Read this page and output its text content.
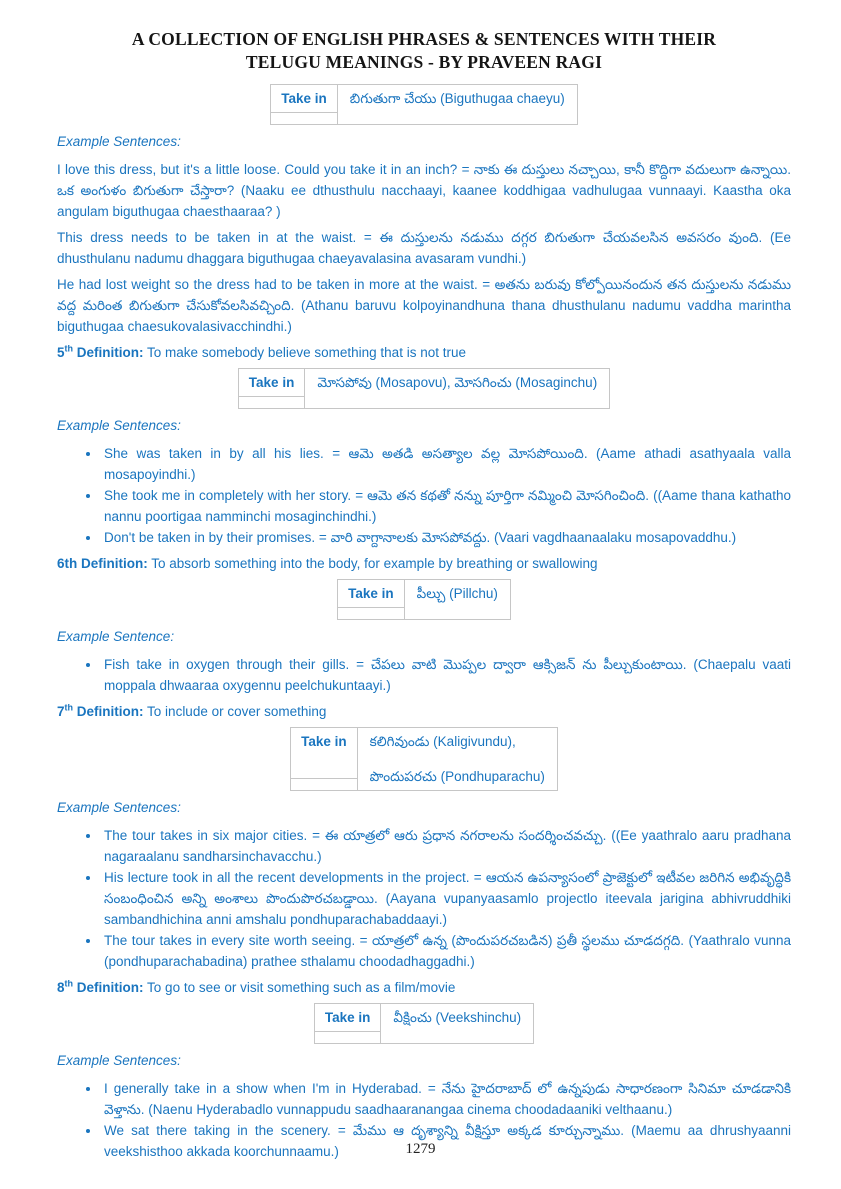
A COLLECTION OF ENGLISH PHRASES & SENTENCES WITH THEIR
TELUGU MEANINGS - BY PRAVEEN RAGI
Take in	బిగుతుగా చేయు (Biguthugaa chaeyu)

Example Sentences:

I love this dress, but it's a little loose. Could you take it in an inch? = నాకు ఈ దుస్తులు నచ్చాయి, కానీ కొద్దిగా వదులుగా ఉన్నాయి. ఒక అంగుళం బిగుతుగా చేస్తారా? (Naaku ee dthusthulu nacchaayi, kaanee koddhigaa vadhulugaa vunnaayi. Kaastha oka angulam biguthugaa chaesthaaraa? )

This dress needs to be taken in at the waist. = ఈ దుస్తులను నడుము దగ్గర బిగుతుగా చేయవలసిన అవసరం వుంది. (Ee dhusthulanu nadumu dhaggara biguthugaa chaeyavalasina avasaram vundhi.)

He had lost weight so the dress had to be taken in more at the waist. = అతను బరువు కోల్పోయినందున తన దుస్తులను నడుము వద్ద మరింత బిగుతుగా చేసుకోవలసివచ్చింది. (Athanu baruvu kolpoyinandhuna thana dhusthulanu nadumu vaddha marintha biguthugaa chaesukovalasivacchindhi.)

5th Definition: To make somebody believe something that is not true

Take in	మోసపోవు (Mosapovu), మోసగించు (Mosaginchu)

Example Sentences:

• She was taken in by all his lies. = ఆమె అతడి అసత్యాల వల్ల మోసపోయింది. (Aame athadi asathyaala valla mosapoyindhi.)
• She took me in completely with her story. = ఆమె తన కథతో నన్ను పూర్తిగా నమ్మించి మోసగించింది. ((Aame thana kathatho nannu poortigaa namminchi mosaginchindhi.)
• Don't be taken in by their promises. = వారి వాగ్దానాలకు మోసపోవద్దు. (Vaari vagdhaanaalaku mosapovaddhu.)

6th Definition: To absorb something into the body, for example by breathing or swallowing

Take in	పీల్చు (Pillchu)

Example Sentence:

• Fish take in oxygen through their gills. = చేపలు వాటి మొప్పల ద్వారా ఆక్సిజన్ ను పీల్చుకుంటాయి. (Chaepalu vaati moppala dhwaaraa oxygennu peelchukuntaayi.)

7th Definition: To include or cover something

Take in	కలిగివుండు (Kaligivundu),
పొందుపరచు (Pondhuparachu)

Example Sentences:

• The tour takes in six major cities. = ఈ యాత్రలో ఆరు ప్రధాన నగరాలను సందర్శించవచ్చు. ((Ee yaathralo aaru pradhana nagaraalanu sandharsinchavacchu.)
• His lecture took in all the recent developments in the project. = ఆయన ఉపన్యాసంలో ప్రాజెక్టులో ఇటీవల జరిగిన అభివృద్ధికి సంబంధించిన అన్ని అంశాలు పొందుపొరచబడ్డాయి. (Aayana vupanyaasamlo projectlo iteevala jarigina abhivruddhiki sambandhichina anni amshalu pondhuparachabaddaayi.)
• The tour takes in every site worth seeing. = యాత్రలో ఉన్న (పొందుపరచబడిన) ప్రతీ స్థలము చూడదగ్గది. (Yaathralo vunna (pondhuparachabadina) prathee sthalamu choodadhaggadhi.)

8th Definition: To go to see or visit something such as a film/movie

Take in	వీక్షించు (Veekshinchu)

Example Sentences:

• I generally take in a show when I'm in Hyderabad. = నేను హైదరాబాద్ లో ఉన్నపుడు సాధారణంగా సినిమా చూడడానికి వెళ్తాను. (Naenu Hyderabadlo vunnappudu saadhaaranangaa cinema choodadaaniki velthaanu.)
• We sat there taking in the scenery. = మేము ఆ దృశ్యాన్ని వీక్షిస్తూ అక్కడ కూర్చున్నాము. (Maemu aa dhrushyaanni veekshisthoo akkada koorchunnaamu.)	1279
